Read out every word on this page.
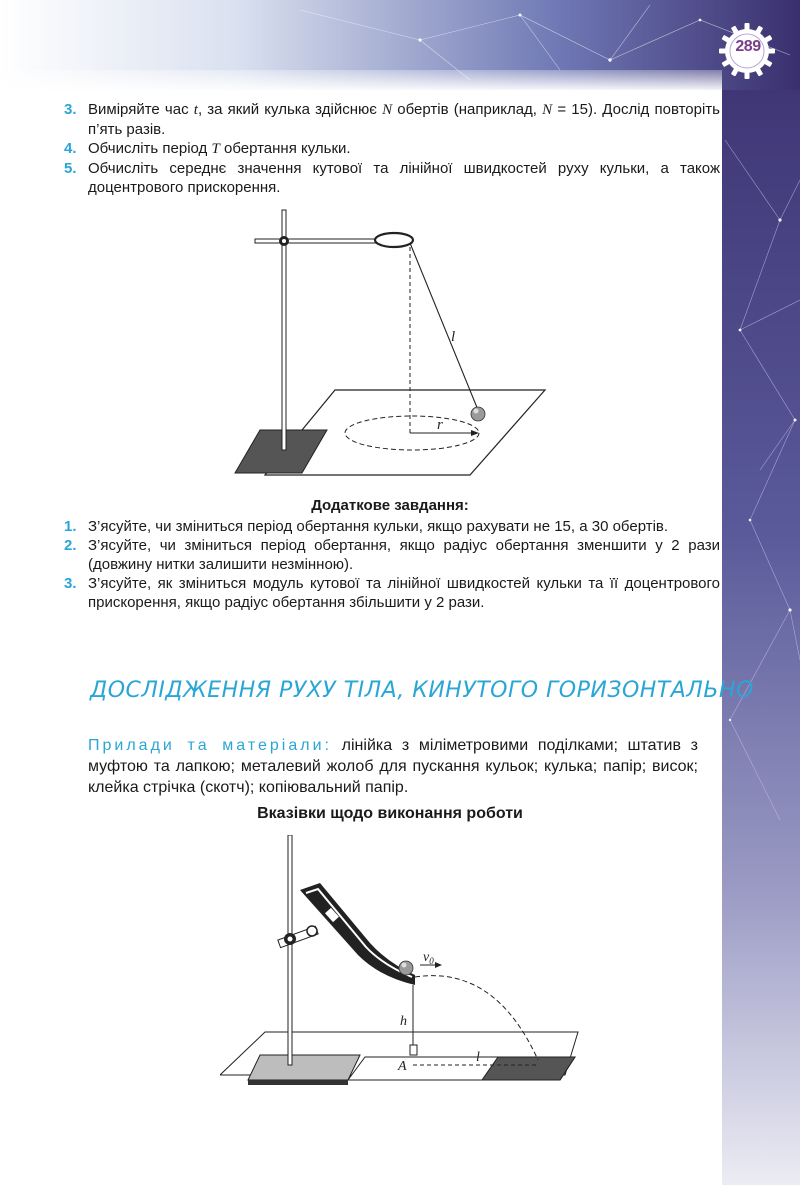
289
3. Виміряйте час t, за який кулька здійснює N обертів (наприклад, N = 15). Дослід повторіть п’ять разів.
4. Обчисліть період T обертання кульки.
5. Обчисліть середнє значення кутової та лінійної швидкостей руху кульки, а також доцентрового прискорення.
l
r
Додаткове завдання:
1. З’ясуйте, чи зміниться період обертання кульки, якщо рахувати не 15, а 30 обертів.
2. З’ясуйте, чи зміниться період обертання, якщо радіус обертання зменшити у 2 рази (довжину нитки залишити незмінною).
3. З’ясуйте, як зміниться модуль кутової та лінійної швидкостей кульки та її доцентрового прискорення, якщо радіус обертання збільшити у 2 рази.
ДОСЛІДЖЕННЯ РУХУ ТІЛА, КИНУТОГО ГОРИЗОНТАЛЬНО
Прилади та матеріали: лінійка з міліметровими поділками; штатив з муфтою та лапкою; металевий жолоб для пускання кульок; кулька; папір; висок; клейка стрічка (скотч); копіювальний папір.
Вказівки щодо виконання роботи
$v_0$
h
l
A
